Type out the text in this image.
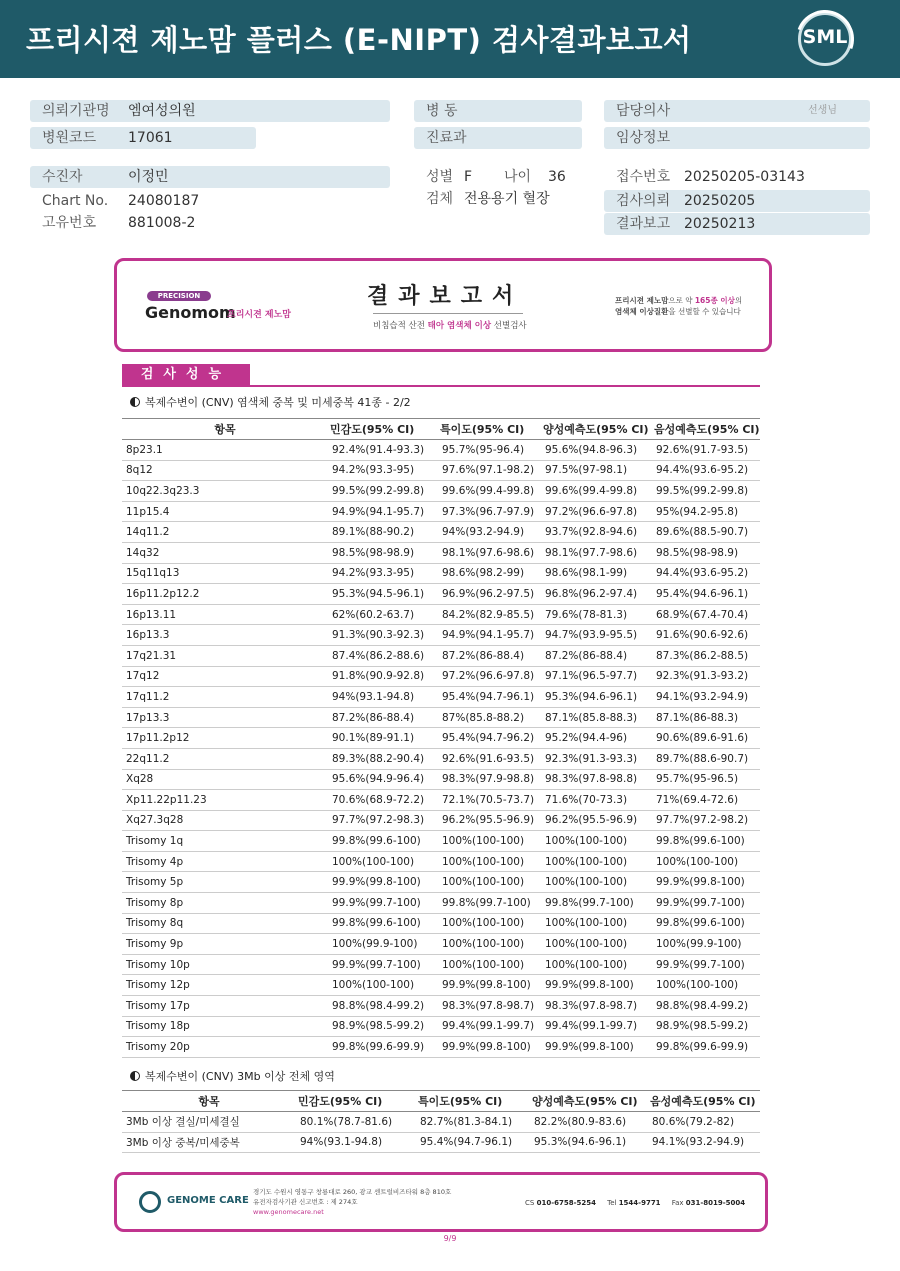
프리시젼 제노맘 플러스 (E-NIPT) 검사결과보고서	SML
의뢰기관명 엠여성의원
병원코드 17061
병 동
진료과
담당의사	선생님
임상정보
수진자	이정민
Chart No. 24080187
고유번호 881008-2
성별 F 나이 36
검체 전용용기 혈장
접수번호 20250205-03143
검사의뢰 20250205
결과보고 20250213
PRECISION
Genomom
프리시젼 제노맘
결과보고서
비침습적 산전 태아 염색체 이상 선별검사
프리시젼 제노맘으로 약 165종 이상의
염색체 이상질환을 선별할 수 있습니다
검사성능
복제수변이 (CNV) 염색체 중복 및 미세중복 41종 - 2/2
항목	민감도(95% CI)	특이도(95% CI)	양성예측도(95% CI)	음성예측도(95% CI)
8p23.1	92.4%(91.4-93.3)	95.7%(95-96.4)	95.6%(94.8-96.3)	92.6%(91.7-93.5)
8q12	94.2%(93.3-95)	97.6%(97.1-98.2)	97.5%(97-98.1)	94.4%(93.6-95.2)
10q22.3q23.3	99.5%(99.2-99.8)	99.6%(99.4-99.8)	99.6%(99.4-99.8)	99.5%(99.2-99.8)
11p15.4	94.9%(94.1-95.7)	97.3%(96.7-97.9)	97.2%(96.6-97.8)	95%(94.2-95.8)
14q11.2	89.1%(88-90.2)	94%(93.2-94.9)	93.7%(92.8-94.6)	89.6%(88.5-90.7)
14q32	98.5%(98-98.9)	98.1%(97.6-98.6)	98.1%(97.7-98.6)	98.5%(98-98.9)
15q11q13	94.2%(93.3-95)	98.6%(98.2-99)	98.6%(98.1-99)	94.4%(93.6-95.2)
16p11.2p12.2	95.3%(94.5-96.1)	96.9%(96.2-97.5)	96.8%(96.2-97.4)	95.4%(94.6-96.1)
16p13.11	62%(60.2-63.7)	84.2%(82.9-85.5)	79.6%(78-81.3)	68.9%(67.4-70.4)
16p13.3	91.3%(90.3-92.3)	94.9%(94.1-95.7)	94.7%(93.9-95.5)	91.6%(90.6-92.6)
17q21.31	87.4%(86.2-88.6)	87.2%(86-88.4)	87.2%(86-88.4)	87.3%(86.2-88.5)
17q12	91.8%(90.9-92.8)	97.2%(96.6-97.8)	97.1%(96.5-97.7)	92.3%(91.3-93.2)
17q11.2	94%(93.1-94.8)	95.4%(94.7-96.1)	95.3%(94.6-96.1)	94.1%(93.2-94.9)
17p13.3	87.2%(86-88.4)	87%(85.8-88.2)	87.1%(85.8-88.3)	87.1%(86-88.3)
17p11.2p12	90.1%(89-91.1)	95.4%(94.7-96.2)	95.2%(94.4-96)	90.6%(89.6-91.6)
22q11.2	89.3%(88.2-90.4)	92.6%(91.6-93.5)	92.3%(91.3-93.3)	89.7%(88.6-90.7)
Xq28	95.6%(94.9-96.4)	98.3%(97.9-98.8)	98.3%(97.8-98.8)	95.7%(95-96.5)
Xp11.22p11.23	70.6%(68.9-72.2)	72.1%(70.5-73.7)	71.6%(70-73.3)	71%(69.4-72.6)
Xq27.3q28	97.7%(97.2-98.3)	96.2%(95.5-96.9)	96.2%(95.5-96.9)	97.7%(97.2-98.2)
Trisomy 1q	99.8%(99.6-100)	100%(100-100)	100%(100-100)	99.8%(99.6-100)
Trisomy 4p	100%(100-100)	100%(100-100)	100%(100-100)	100%(100-100)
Trisomy 5p	99.9%(99.8-100)	100%(100-100)	100%(100-100)	99.9%(99.8-100)
Trisomy 8p	99.9%(99.7-100)	99.8%(99.7-100)	99.8%(99.7-100)	99.9%(99.7-100)
Trisomy 8q	99.8%(99.6-100)	100%(100-100)	100%(100-100)	99.8%(99.6-100)
Trisomy 9p	100%(99.9-100)	100%(100-100)	100%(100-100)	100%(99.9-100)
Trisomy 10p	99.9%(99.7-100)	100%(100-100)	100%(100-100)	99.9%(99.7-100)
Trisomy 12p	100%(100-100)	99.9%(99.8-100)	99.9%(99.8-100)	100%(100-100)
Trisomy 17p	98.8%(98.4-99.2)	98.3%(97.8-98.7)	98.3%(97.8-98.7)	98.8%(98.4-99.2)
Trisomy 18p	98.9%(98.5-99.2)	99.4%(99.1-99.7)	99.4%(99.1-99.7)	98.9%(98.5-99.2)
Trisomy 20p	99.8%(99.6-99.9)	99.9%(99.8-100)	99.9%(99.8-100)	99.8%(99.6-99.9)
복제수변이 (CNV) 3Mb 이상 전체 영역
항목	민감도(95% CI)	특이도(95% CI)	양성예측도(95% CI)	음성예측도(95% CI)
3Mb 이상 결실/미세결실	80.1%(78.7-81.6)	82.7%(81.3-84.1)	82.2%(80.9-83.6)	80.6%(79.2-82)
3Mb 이상 중복/미세중복	94%(93.1-94.8)	95.4%(94.7-96.1)	95.3%(94.6-96.1)	94.1%(93.2-94.9)
GENOME CARE
경기도 수원시 영통구 창룡대로 260, 광교 센트럴비즈타워 8층 810호
유전자검사기관 신고번호 : 제 274호
www.genomecare.net
CS 010-6758-5254 Tel 1544-9771 Fax 031-8019-5004
9/9
